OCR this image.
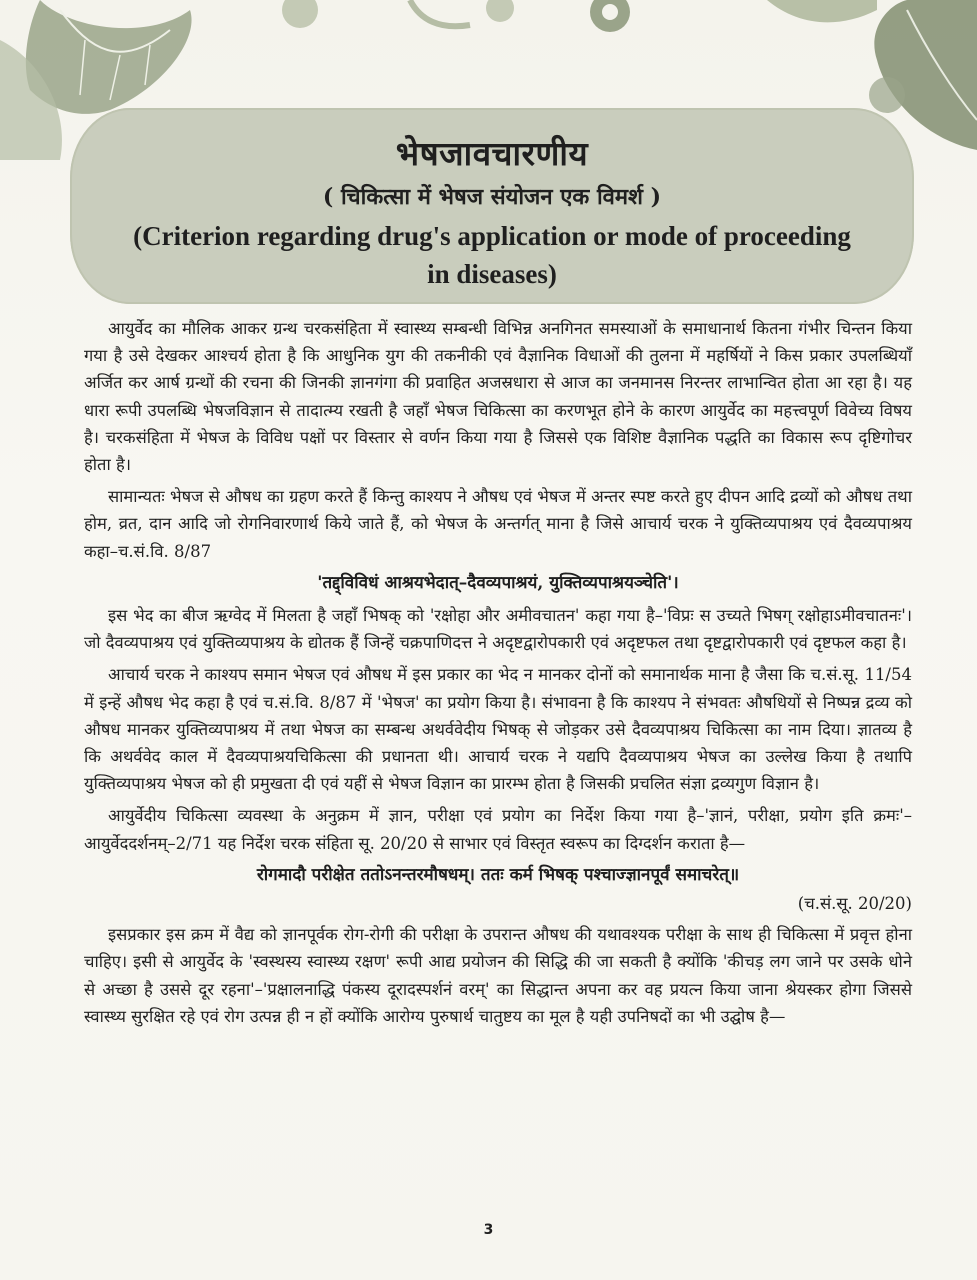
भेषजावचारणीय
( चिकित्सा में भेषज संयोजन एक विमर्श )
(Criterion regarding drug's application or mode of proceeding in diseases)

आयुर्वेद का मौलिक आकर ग्रन्थ चरकसंहिता में स्वास्थ्य सम्बन्धी विभिन्न अनगिनत समस्याओं के समाधानार्थ कितना गंभीर चिन्तन किया गया है उसे देखकर आश्चर्य होता है कि आधुनिक युग की तकनीकी एवं वैज्ञानिक विधाओं की तुलना में महर्षियों ने किस प्रकार उपलब्धियाँ अर्जित कर आर्ष ग्रन्थों की रचना की जिनकी ज्ञानगंगा की प्रवाहित अजस्रधारा से आज का जनमानस निरन्तर लाभान्वित होता आ रहा है। यह धारा रूपी उपलब्धि भेषजविज्ञान से तादात्म्य रखती है जहाँ भेषज चिकित्सा का करणभूत होने के कारण आयुर्वेद का महत्त्वपूर्ण विवेच्य विषय है। चरकसंहिता में भेषज के विविध पक्षों पर विस्तार से वर्णन किया गया है जिससे एक विशिष्ट वैज्ञानिक पद्धति का विकास रूप दृष्टिगोचर होता है।

सामान्यतः भेषज से औषध का ग्रहण करते हैं किन्तु काश्यप ने औषध एवं भेषज में अन्तर स्पष्ट करते हुए दीपन आदि द्रव्यों को औषध तथा होम, व्रत, दान आदि जो रोगनिवारणार्थ किये जाते हैं, को भेषज के अन्तर्गत् माना है जिसे आचार्य चरक ने युक्तिव्यपाश्रय एवं दैवव्यपाश्रय कहा–च.सं.वि. 8/87

'तद्द्विविधं आश्रयभेदात्–दैवव्यपाश्रयं, युक्तिव्यपाश्रयञ्चेति'।

इस भेद का बीज ऋग्वेद में मिलता है जहाँ भिषक् को 'रक्षोहा और अमीवचातन' कहा गया है–'विप्रः स उच्यते भिषग् रक्षोहाऽमीवचातनः'। जो दैवव्यपाश्रय एवं युक्तिव्यपाश्रय के द्योतक हैं जिन्हें चक्रपाणिदत्त ने अदृष्टद्वारोपकारी एवं अदृष्टफल तथा दृष्टद्वारोपकारी एवं दृष्टफल कहा है।

आचार्य चरक ने काश्यप समान भेषज एवं औषध में इस प्रकार का भेद न मानकर दोनों को समानार्थक माना है जैसा कि च.सं.सू. 11/54 में इन्हें औषध भेद कहा है एवं च.सं.वि. 8/87 में 'भेषज' का प्रयोग किया है। संभावना है कि काश्यप ने संभवतः औषधियों से निष्पन्न द्रव्य को औषध मानकर युक्तिव्यपाश्रय में तथा भेषज का सम्बन्ध अथर्ववेदीय भिषक् से जोड़कर उसे दैवव्यपाश्रय चिकित्सा का नाम दिया। ज्ञातव्य है कि अथर्ववेद काल में दैवव्यपाश्रयचिकित्सा की प्रधानता थी। आचार्य चरक ने यद्यपि दैवव्यपाश्रय भेषज का उल्लेख किया है तथापि युक्तिव्यपाश्रय भेषज को ही प्रमुखता दी एवं यहीं से भेषज विज्ञान का प्रारम्भ होता है जिसकी प्रचलित संज्ञा द्रव्यगुण विज्ञान है।

आयुर्वेदीय चिकित्सा व्यवस्था के अनुक्रम में ज्ञान, परीक्षा एवं प्रयोग का निर्देश किया गया है–'ज्ञानं, परीक्षा, प्रयोग इति क्रमः'–आयुर्वेददर्शनम्–2/71 यह निर्देश चरक संहिता सू. 20/20 से साभार एवं विस्तृत स्वरूप का दिग्दर्शन कराता है—

रोगमादौ परीक्षेत ततोऽनन्तरमौषधम्। ततः कर्म भिषक् पश्चाज्ज्ञानपूर्वं समाचरेत्॥
(च.सं.सू. 20/20)

इसप्रकार इस क्रम में वैद्य को ज्ञानपूर्वक रोग-रोगी की परीक्षा के उपरान्त औषध की यथावश्यक परीक्षा के साथ ही चिकित्सा में प्रवृत्त होना चाहिए। इसी से आयुर्वेद के 'स्वस्थस्य स्वास्थ्य रक्षण' रूपी आद्य प्रयोजन की सिद्धि की जा सकती है क्योंकि 'कीचड़ लग जाने पर उसके धोने से अच्छा है उससे दूर रहना'–'प्रक्षालनाद्धि पंकस्य दूरादस्पर्शनं वरम्' का सिद्धान्त अपना कर वह प्रयत्न किया जाना श्रेयस्कर होगा जिससे स्वास्थ्य सुरक्षित रहे एवं रोग उत्पन्न ही न हों क्योंकि आरोग्य पुरुषार्थ चातुष्टय का मूल है यही उपनिषदों का भी उद्घोष है—

3
